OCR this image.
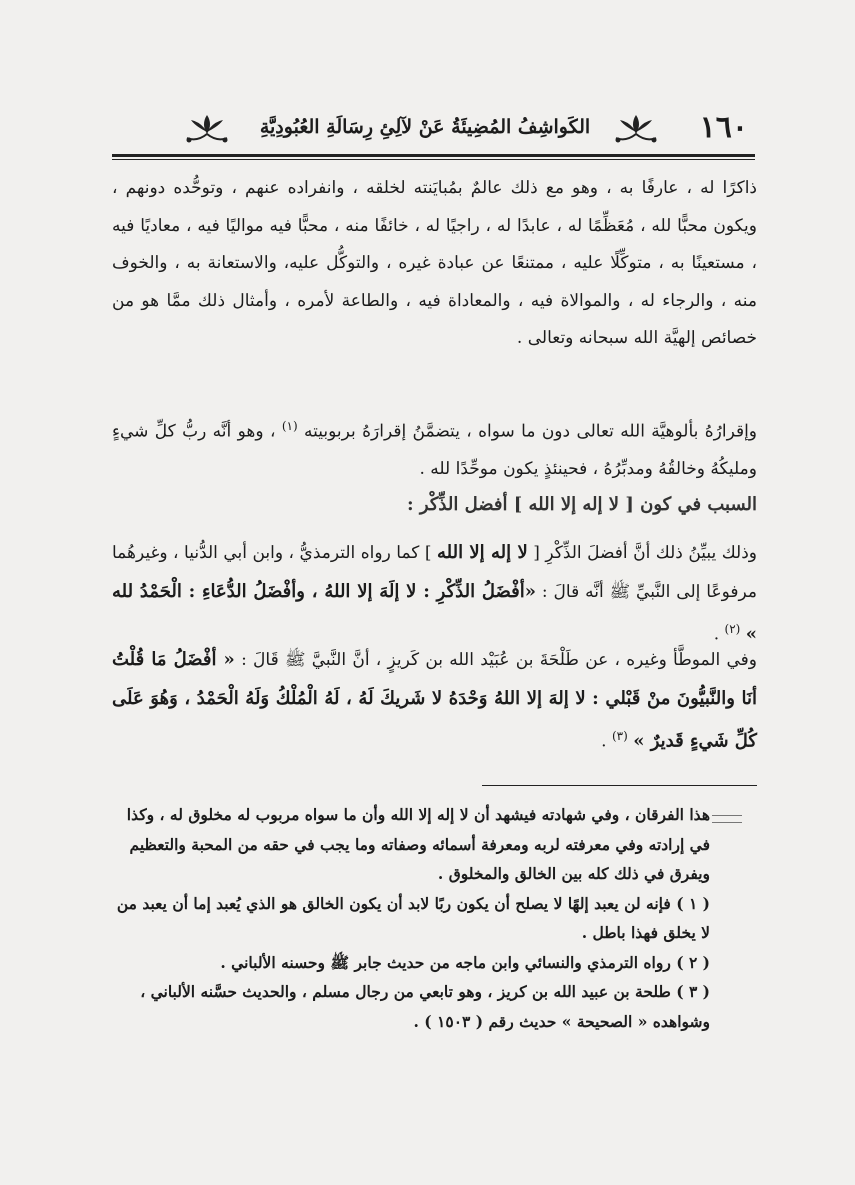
١٦٠
الكَواشِفُ المُضِيئَةُ عَنْ لآلِئِ رِسَالَةِ العُبُودِيَّةِ

ذاكرًا له ، عارفًا به ، وهو مع ذلك عالمٌ بمُبايَنته لخلقه ، وانفراده عنهم ، وتوحُّده دونهم ، ويكون محبًّا لله ، مُعَظِّمًا له ، عابدًا له ، راجيًا له ، خائفًا منه ، محبًّا فيه مواليًا فيه ، معاديًا فيه ، مستعينًا به ، متوكِّلًا عليه ، ممتنعًا عن عبادة غيره ، والتوكُّل عليه، والاستعانة به ، والخوف منه ، والرجاء له ، والموالاة فيه ، والمعاداة فيه ، والطاعة لأمره ، وأمثال ذلك ممَّا هو من خصائص إلهيَّة الله سبحانه وتعالى .

وإقرارُهُ بألوهيَّة الله تعالى دون ما سواه ، يتضمَّنُ إقرارَهُ بربوبيته $^{(١)}$ ، وهو أنَّه ربُّ كلِّ شيءٍ ومليكُهُ وخالقُهُ ومدبِّرُهُ ، فحينئذٍ يكون موحِّدًا لله .

السبب في كون [ لا إله إلا الله ] أفضل الذِّكْر :

وذلك يبيِّنُ ذلك أنَّ أفضلَ الذِّكْرِ [ لا إله إلا الله ] كما رواه الترمذيُّ ، وابن أبي الدُّنيا ، وغيرهُما مرفوعًا إلى النَّبيِّ ﷺ أنَّه قالَ : «أفْضَلُ الذِّكْرِ : لا إلَهَ إلا اللهُ ، وأفْضَلُ الدُّعَاءِ : الْحَمْدُ لله » $^{(٢)}$ .

وفي الموطَّأ وغيره ، عن طَلْحَةَ بن عُبَيْد الله بن كَريزٍ ، أنَّ النَّبيَّ ﷺ قَالَ : « أفْضَلُ مَا قُلْتُ أنَا والنَّبيُّونَ منْ قَبْلي : لا إلهَ إلا اللهُ وَحْدَهُ لا شَريكَ لَهُ ، لَهُ الْمُلْكُ وَلَهُ الْحَمْدُ ، وَهُوَ عَلَى كُلِّ شَيءٍ قَديرٌ » $^{(٣)}$ .

هذا الفرقان ، وفي شهادته فيشهد أن لا إله إلا الله وأن ما سواه مربوب له مخلوق له ، وكذا في إرادته وفي معرفته لربه ومعرفة أسمائه وصفاته وما يجب في حقه من المحبة والتعظيم ويفرق في ذلك كله بين الخالق والمخلوق .

( ١ ) فإنه لن يعبد إلهًا لا يصلح أن يكون ربًا لابد أن يكون الخالق هو الذي يُعبد إما أن يعبد من لا يخلق فهذا باطل .

( ٢ ) رواه الترمذي والنسائي وابن ماجه من حديث جابر ﷺ وحسنه الألباني .

( ٣ ) طلحة بن عبيد الله بن كريز ، وهو تابعي من رجال مسلم ، والحديث حسَّنه الألباني ، وشواهده « الصحيحة » حديث رقم ( ١٥٠٣ ) .
